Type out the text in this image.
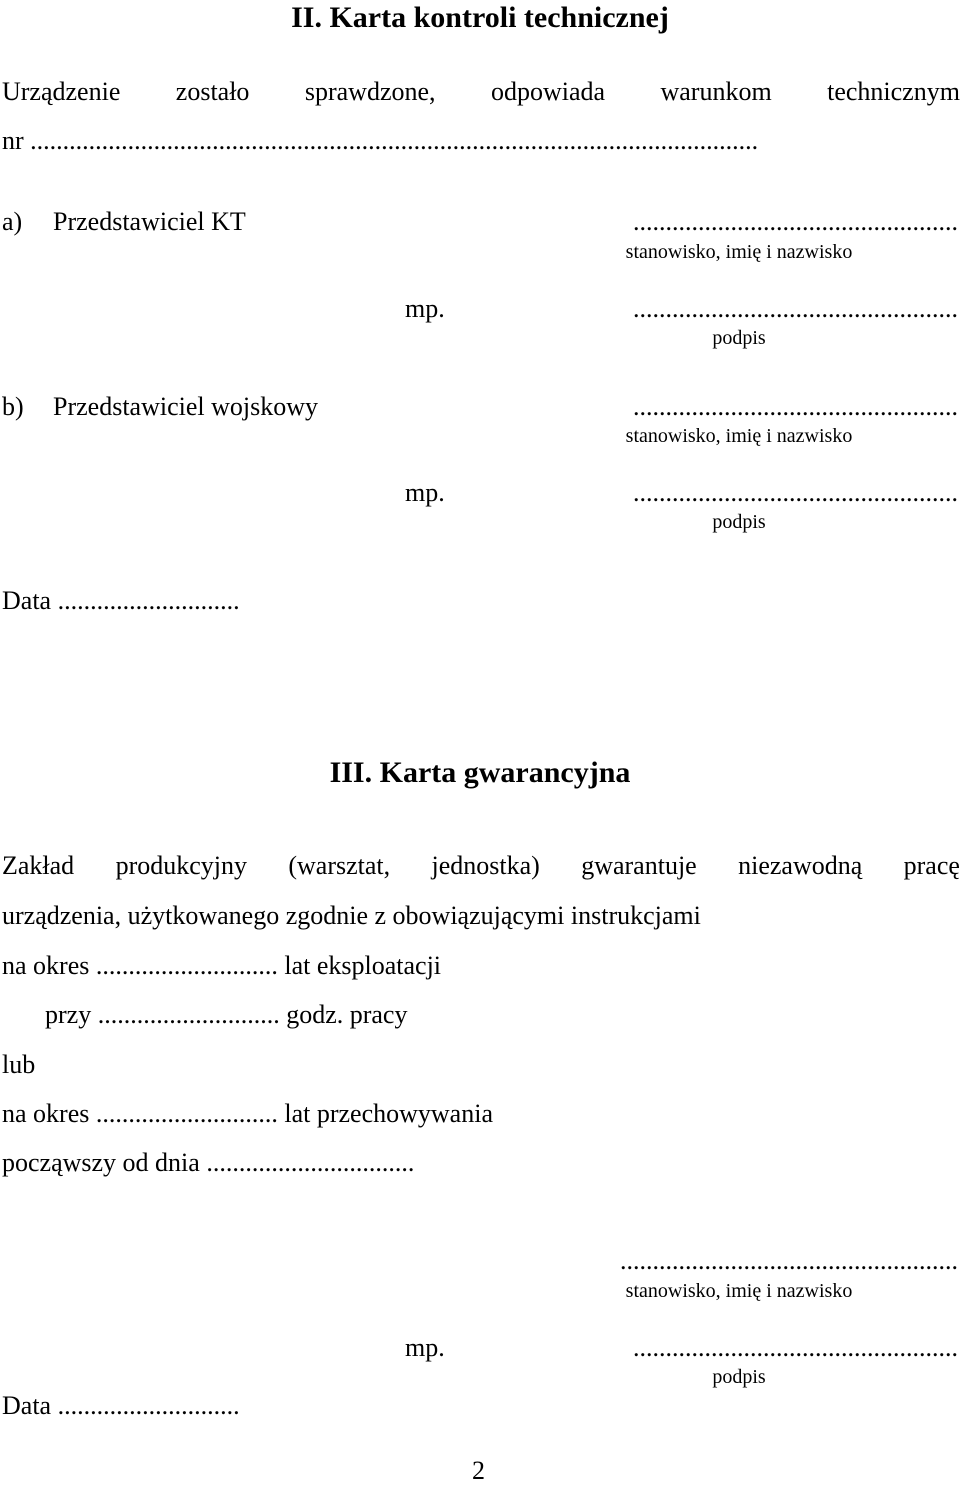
II. Karta kontroli technicznej
Urządzenie zostało sprawdzone, odpowiada warunkom technicznym
nr ................................................................................................................
a) Przedstawiciel KT	..................................................
stanowisko, imię i nazwisko
mp.	..................................................
podpis
b) Przedstawiciel wojskowy	..................................................
stanowisko, imię i nazwisko
mp.	..................................................
podpis
Data ............................
III. Karta gwarancyjna
Zakład produkcyjny (warsztat, jednostka) gwarantuje niezawodną pracę
urządzenia, użytkowanego zgodnie z obowiązującymi instrukcjami
na okres ............................ lat eksploatacji
przy ............................ godz. pracy
lub
na okres ............................ lat przechowywania
począwszy od dnia ................................
....................................................
stanowisko, imię i nazwisko
mp.	..................................................
podpis
Data ............................
2
